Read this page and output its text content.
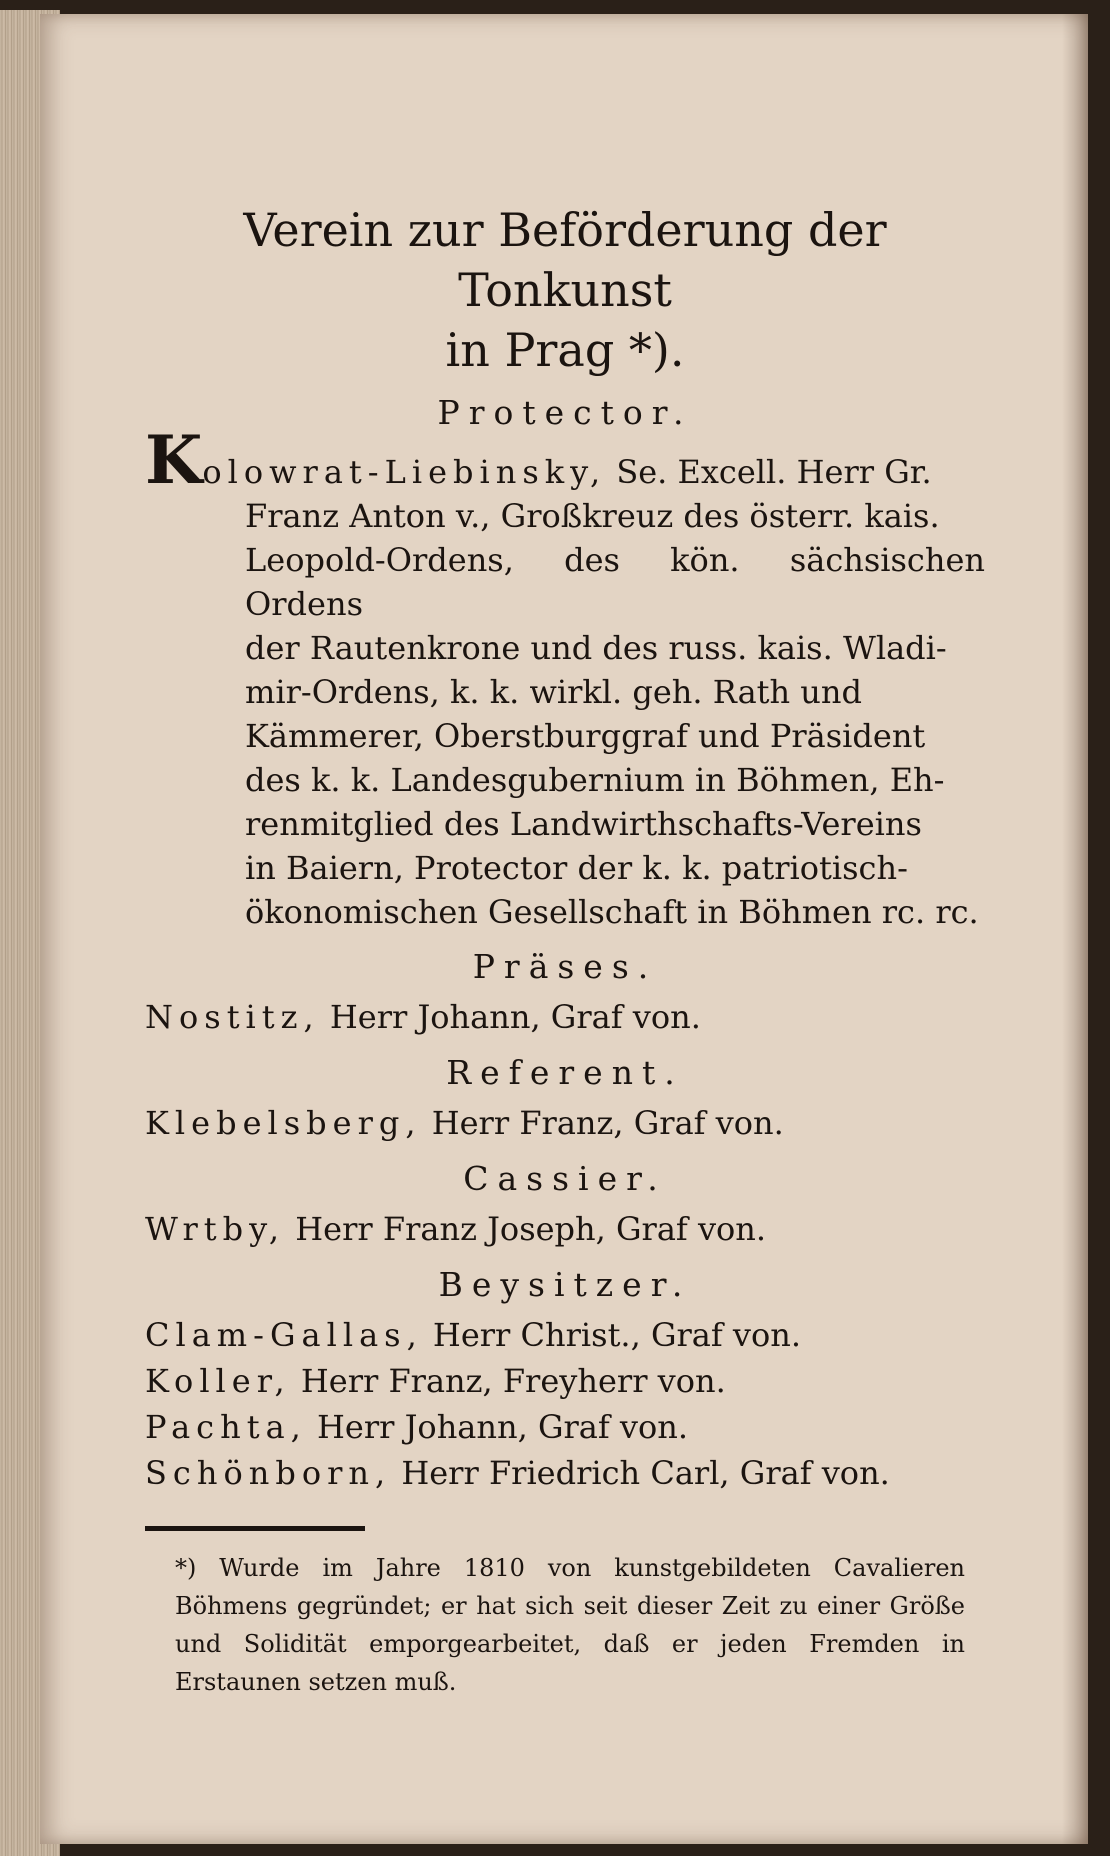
Verein zur Beförderung der Tonkunst

in Prag *).

Protector.

Kolowrat-Liebinsky, Se. Excell. Herr Gr.
Franz Anton v., Großkreuz des österr. kais.
Leopold-Ordens, des kön. sächsischen Ordens
der Rautenkrone und des russ. kais. Wladi-
mir-Ordens, k. k. wirkl. geh. Rath und
Kämmerer, Oberstburggraf und Präsident
des k. k. Landesgubernium in Böhmen, Eh-
renmitglied des Landwirthschafts-Vereins
in Baiern, Protector der k. k. patriotisch-
ökonomischen Gesellschaft in Böhmen rc. rc.

Präses.

Nostitz, Herr Johann, Graf von.

Referent.

Klebelsberg, Herr Franz, Graf von.

Cassier.

Wrtby, Herr Franz Joseph, Graf von.

Beysitzer.

Clam-Gallas, Herr Christ., Graf von.

Koller, Herr Franz, Freyherr von.

Pachta, Herr Johann, Graf von.

Schönborn, Herr Friedrich Carl, Graf von.

*) Wurde im Jahre 1810 von kunstgebildeten Cavalieren Böhmens gegründet; er hat sich seit dieser Zeit zu einer Größe und Solidität emporgearbeitet, daß er jeden Fremden in Erstaunen setzen muß.
